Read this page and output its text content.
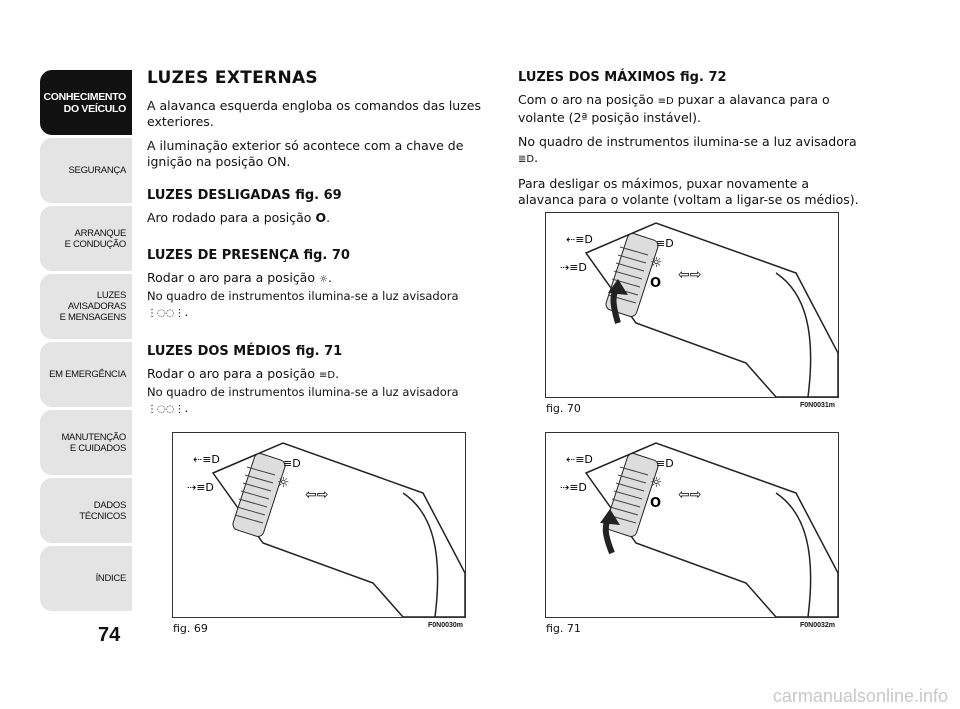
CONHECIMENTO
DO VEÍCULO
SEGURANÇA
ARRANQUE
E CONDUÇÃO
LUZES
AVISADORAS
E MENSAGENS
EM EMERGÊNCIA
MANUTENÇÃO
E CUIDADOS
DADOS
TÉCNICOS
ÍNDICE
74
LUZES EXTERNAS

A alavanca esquerda engloba os comandos das luzes exteriores.

A iluminação exterior só acontece com a chave de ignição na posição ON.

LUZES DESLIGADAS fig. 69

Aro rodado para a posição O.

LUZES DE PRESENÇA fig. 70

Rodar o aro para a posição ☼.

No quadro de instrumentos ilumina-se a luz avisadora ⋮◌◌⋮.

LUZES DOS MÉDIOS fig. 71

Rodar o aro para a posição ≡D.

No quadro de instrumentos ilumina-se a luz avisadora ⋮◌◌⋮.

LUZES DOS MÁXIMOS fig. 72

Com o aro na posição ≡D puxar a alavanca para o volante (2ª posição instável).

No quadro de instrumentos ilumina-se a luz avisadora ≣D.

Para desligar os máximos, puxar novamente a alavanca para o volante (voltam a ligar-se os médios).

⇠≡D
⇢≡D
≡D
☼
O
⇦⇨
fig. 70	F0N0031m
⇠≡D
⇢≡D
≡D
☼
⇦⇨
fig. 69	F0N0030m
⇠≡D
⇢≡D
≡D
☼
O
⇦⇨
fig. 71	F0N0032m
carmanualsonline.info
